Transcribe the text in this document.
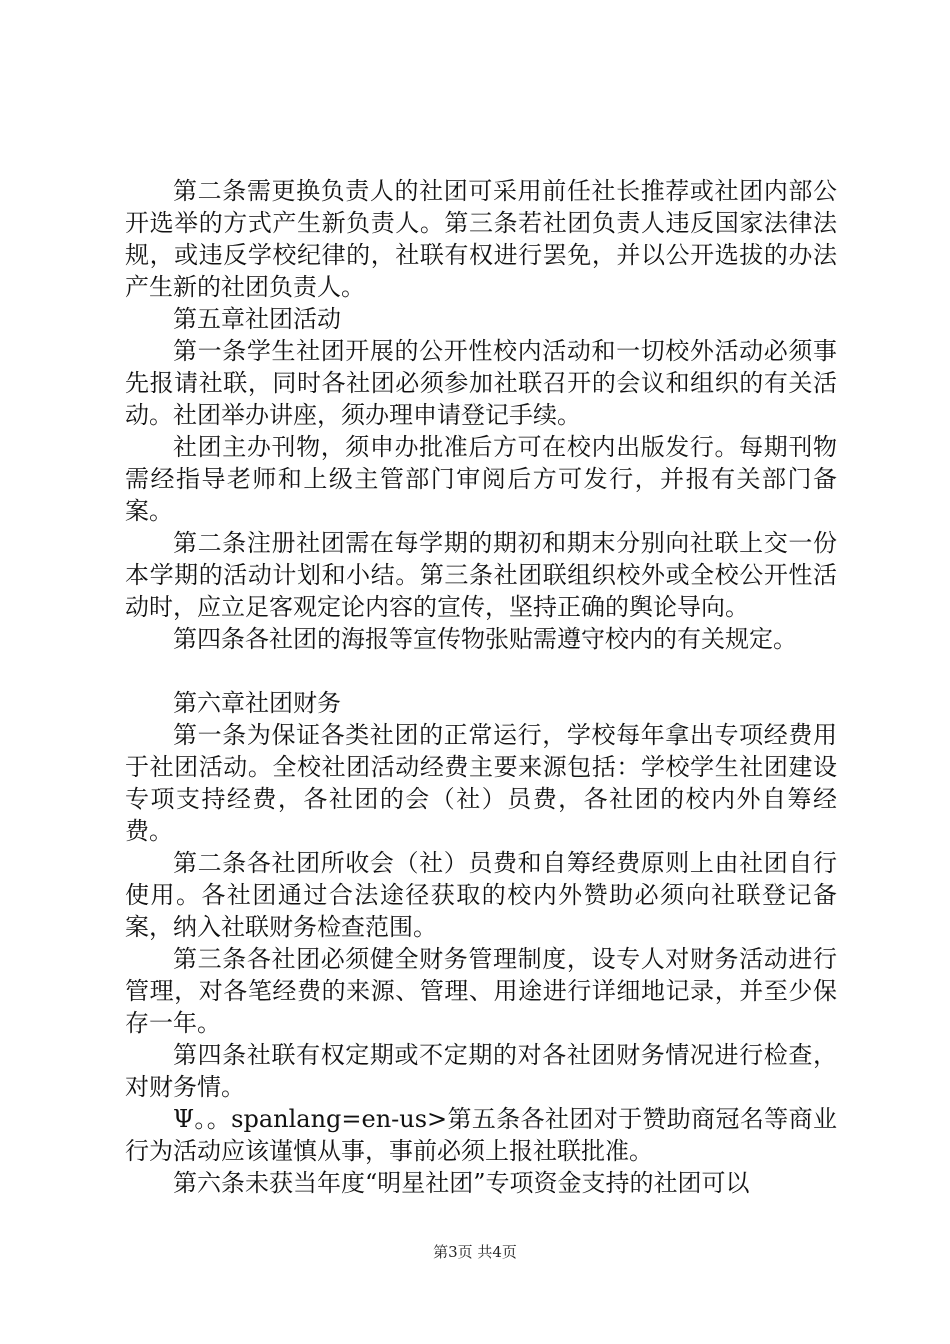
第二条需更换负责人的社团可采用前任社长推荐或社团内部公开选举的方式产生新负责人。第三条若社团负责人违反国家法律法规，或违反学校纪律的，社联有权进行罢免，并以公开选拔的办法产生新的社团负责人。

第五章社团活动

第一条学生社团开展的公开性校内活动和一切校外活动必须事先报请社联，同时各社团必须参加社联召开的会议和组织的有关活动。社团举办讲座，须办理申请登记手续。

社团主办刊物，须申办批准后方可在校内出版发行。每期刊物需经指导老师和上级主管部门审阅后方可发行，并报有关部门备案。

第二条注册社团需在每学期的期初和期末分别向社联上交一份本学期的活动计划和小结。第三条社团联组织校外或全校公开性活动时，应立足客观定论内容的宣传，坚持正确的舆论导向。

第四条各社团的海报等宣传物张贴需遵守校内的有关规定。

第六章社团财务

第一条为保证各类社团的正常运行，学校每年拿出专项经费用于社团活动。全校社团活动经费主要来源包括：学校学生社团建设专项支持经费，各社团的会（社）员费，各社团的校内外自筹经费。

第二条各社团所收会（社）员费和自筹经费原则上由社团自行使用。各社团通过合法途径获取的校内外赞助必须向社联登记备案，纳入社联财务检查范围。

第三条各社团必须健全财务管理制度，设专人对财务活动进行管理，对各笔经费的来源、管理、用途进行详细地记录，并至少保存一年。

第四条社联有权定期或不定期的对各社团财务情况进行检查，对财务情。

Ψ。。spanlang=en-us>第五条各社团对于赞助商冠名等商业行为活动应该谨慎从事，事前必须上报社联批准。

第六条未获当年度“明星社团”专项资金支持的社团可以

第3页 共4页
